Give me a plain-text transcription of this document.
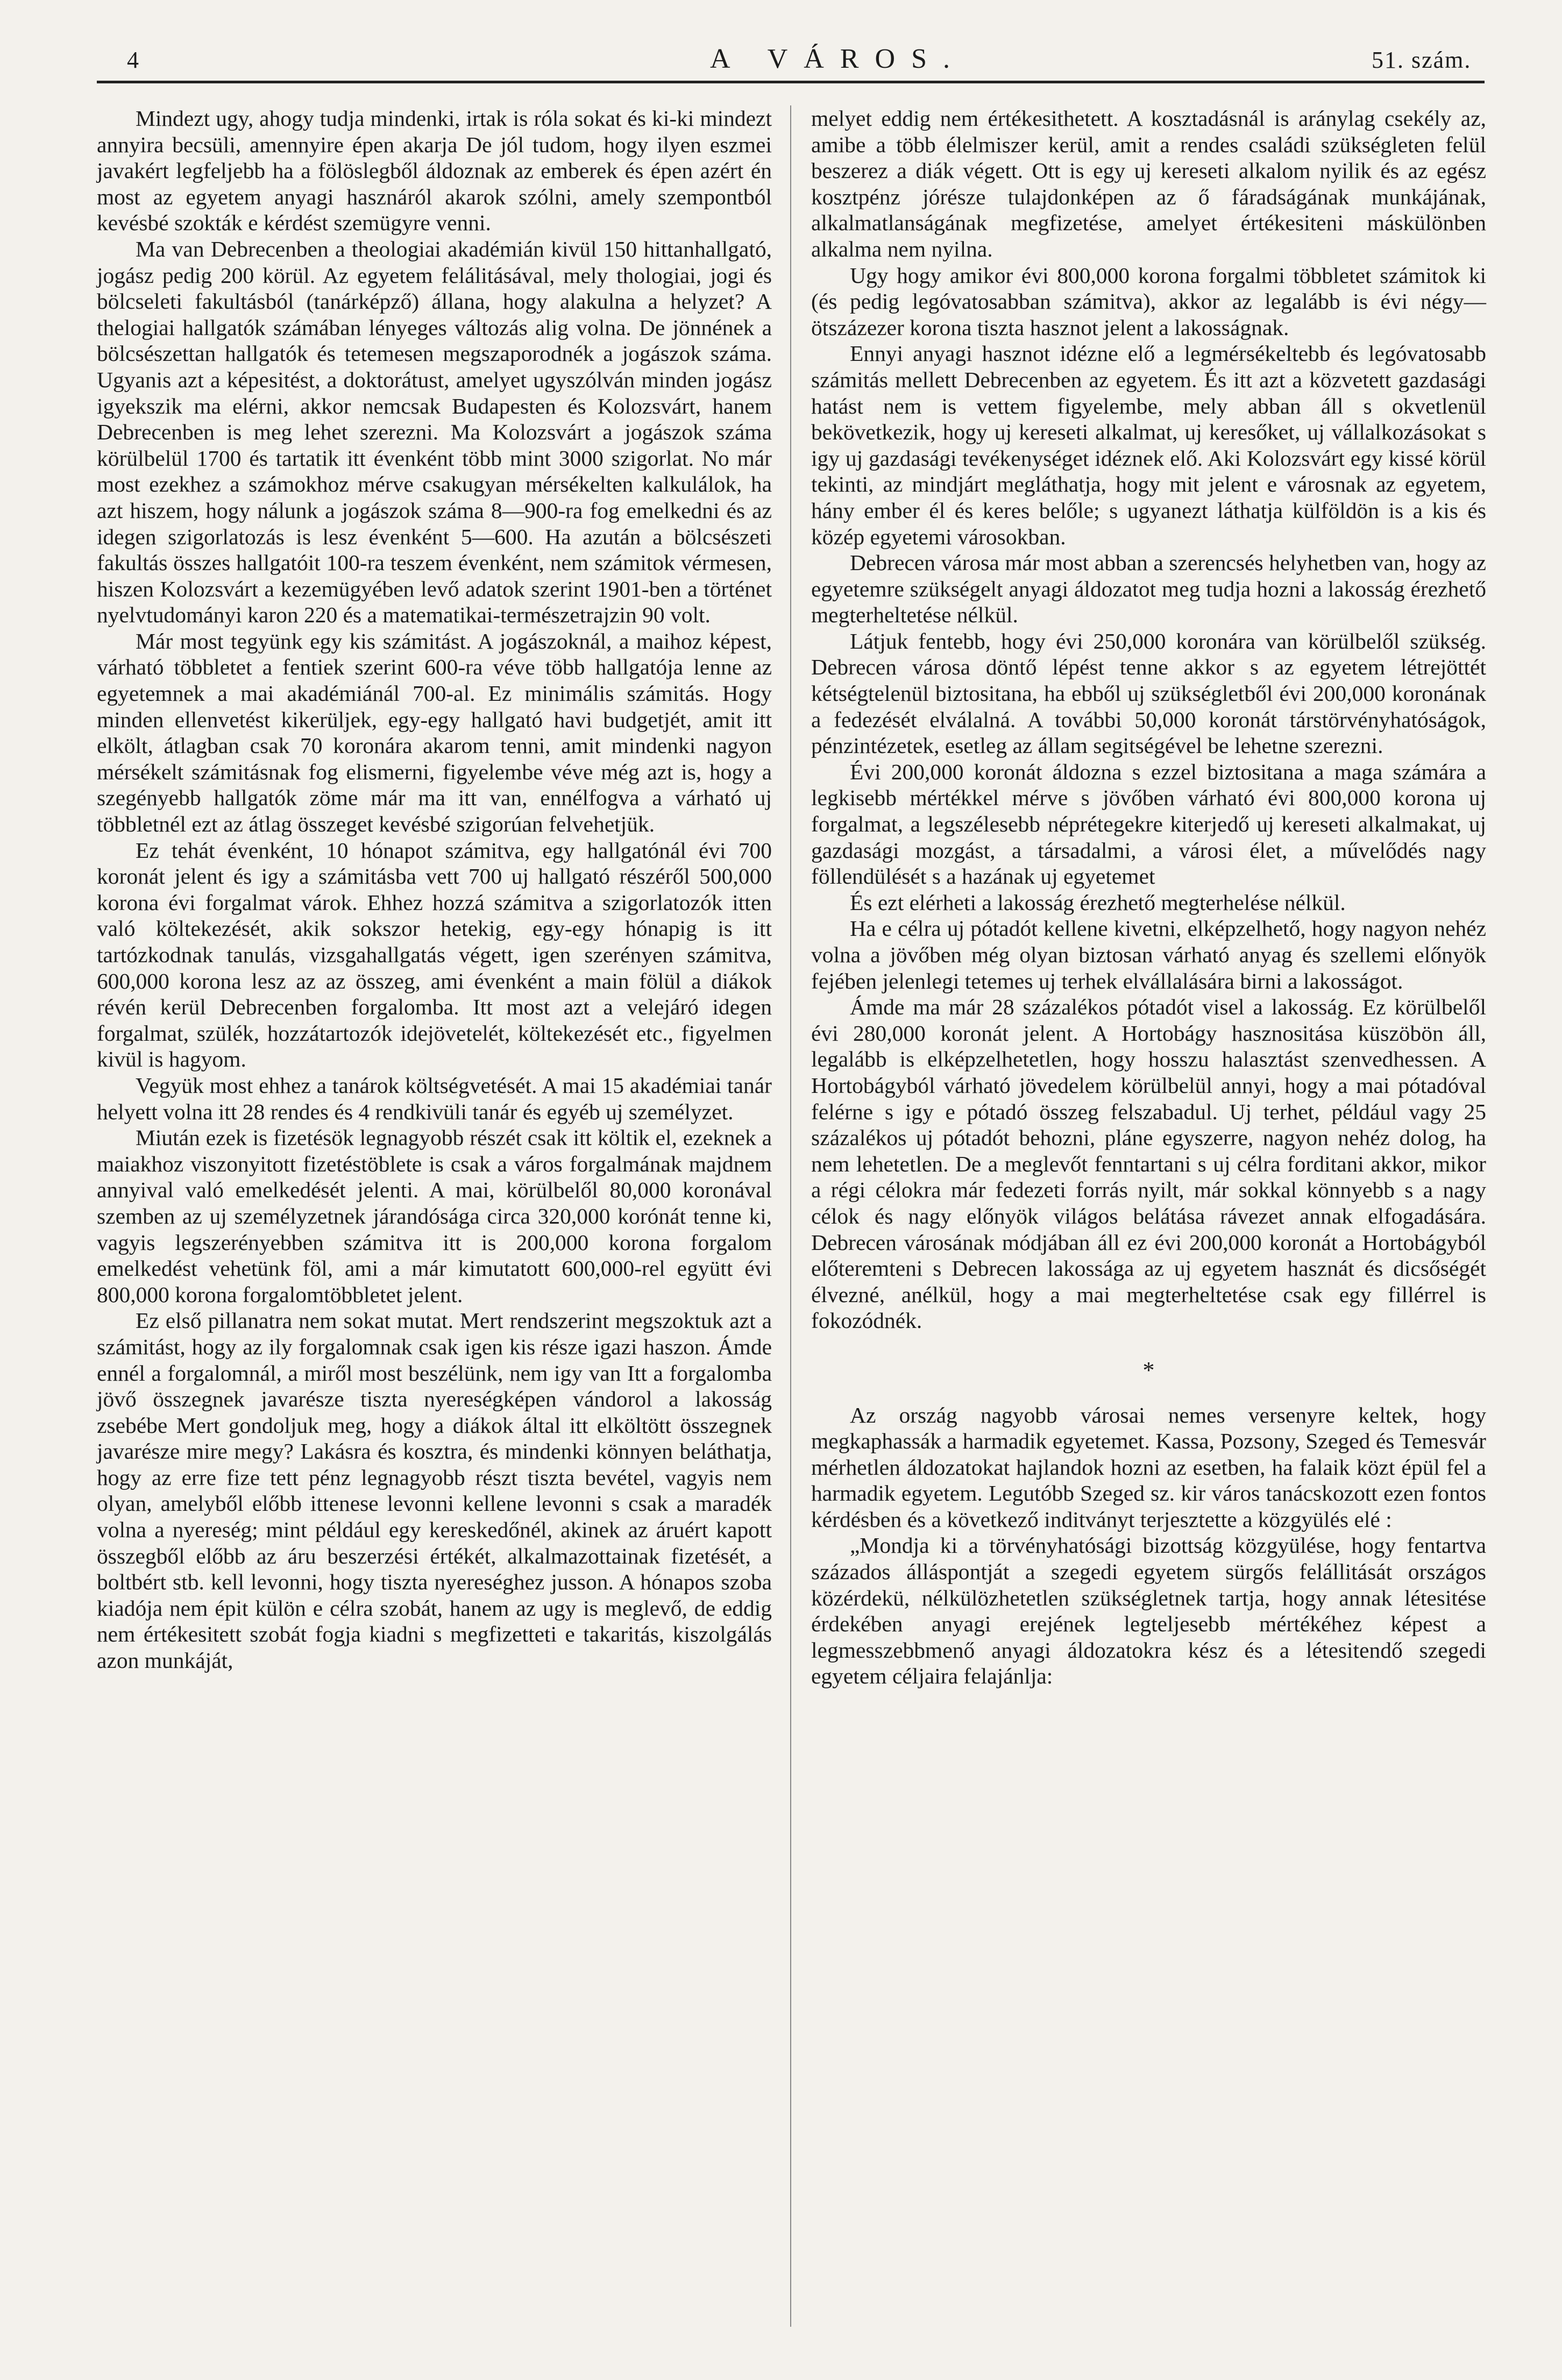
4	A VÁROS.	51. szám.

Mindezt ugy, ahogy tudja mindenki, irtak is róla sokat és ki-ki mindezt annyira becsüli, amennyire épen akarja De jól tudom, hogy ilyen eszmei javakért legfeljebb ha a fölöslegből áldoznak az emberek és épen azért én most az egyetem anyagi hasznáról akarok szólni, amely szempontból kevésbé szokták e kérdést szemügyre venni.

Ma van Debrecenben a theologiai akadémián kivül 150 hittanhallgató, jogász pedig 200 körül. Az egyetem felálitásával, mely thologiai, jogi és bölcseleti fakultásból (tanárképző) állana, hogy alakulna a helyzet? A thelogiai hallgatók számában lényeges változás alig volna. De jönnének a bölcsészettan hallgatók és tetemesen megszaporodnék a jogászok száma. Ugyanis azt a képesitést, a doktorátust, amelyet ugyszólván minden jogász igyekszik ma elérni, akkor nemcsak Budapesten és Kolozsvárt, hanem Debrecenben is meg lehet szerezni. Ma Kolozsvárt a jogászok száma körülbelül 1700 és tartatik itt évenként több mint 3000 szigorlat. No már most ezekhez a számokhoz mérve csakugyan mérsékelten kalkulálok, ha azt hiszem, hogy nálunk a jogászok száma 8—900-ra fog emelkedni és az idegen szigorlatozás is lesz évenként 5—600. Ha azután a bölcsészeti fakultás összes hallgatóit 100-ra teszem évenként, nem számitok vérmesen, hiszen Kolozsvárt a kezemügyében levő adatok szerint 1901-ben a történet nyelvtudományi karon 220 és a matematikai-természetrajzin 90 volt.

Már most tegyünk egy kis számitást. A jogászoknál, a maihoz képest, várható többletet a fentiek szerint 600-ra véve több hallgatója lenne az egyetemnek a mai akadémiánál 700-al. Ez minimális számitás. Hogy minden ellenvetést kikerüljek, egy-egy hallgató havi budgetjét, amit itt elkölt, átlagban csak 70 koronára akarom tenni, amit mindenki nagyon mérsékelt számitásnak fog elismerni, figyelembe véve még azt is, hogy a szegényebb hallgatók zöme már ma itt van, ennélfogva a várható uj többletnél ezt az átlag összeget kevésbé szigorúan felvehetjük.

Ez tehát évenként, 10 hónapot számitva, egy hallgatónál évi 700 koronát jelent és igy a számitásba vett 700 uj hallgató részéről 500,000 korona évi forgalmat várok. Ehhez hozzá számitva a szigorlatozók itten való költekezését, akik sokszor hetekig, egy-egy hónapig is itt tartózkodnak tanulás, vizsgahallgatás végett, igen szerényen számitva, 600,000 korona lesz az az összeg, ami évenként a main fölül a diákok révén kerül Debrecenben forgalomba. Itt most azt a velejáró idegen forgalmat, szülék, hozzátartozók idejövetelét, költekezését etc., figyelmen kivül is hagyom.

Vegyük most ehhez a tanárok költségvetését. A mai 15 akadémiai tanár helyett volna itt 28 rendes és 4 rendkivüli tanár és egyéb uj személyzet.

Miután ezek is fizetésök legnagyobb részét csak itt költik el, ezeknek a maiakhoz viszonyitott fizetéstöblete is csak a város forgalmának majdnem annyival való emelkedését jelenti. A mai, körülbelől 80,000 koronával szemben az uj személyzetnek járandósága circa 320,000 korónát tenne ki, vagyis legszerényebben számitva itt is 200,000 korona forgalom emelkedést vehetünk föl, ami a már kimutatott 600,000-rel együtt évi 800,000 korona forgalomtöbbletet jelent.

Ez első pillanatra nem sokat mutat. Mert rendszerint megszoktuk azt a számitást, hogy az ily forgalomnak csak igen kis része igazi haszon. Ámde ennél a forgalomnál, a miről most beszélünk, nem igy van Itt a forgalomba jövő összegnek javarésze tiszta nyereségképen vándorol a lakosság zsebébe Mert gondoljuk meg, hogy a diákok által itt elköltött összegnek javarésze mire megy? Lakásra és kosztra, és mindenki könnyen beláthatja, hogy az erre fize tett pénz legnagyobb részt tiszta bevétel, vagyis nem olyan, amelyből előbb ittenese levonni kellene levonni s csak a maradék volna a nyereség; mint például egy kereskedőnél, akinek az áruért kapott összegből előbb az áru beszerzési értékét, alkalmazottainak fizetését, a boltbért stb. kell levonni, hogy tiszta nyereséghez jusson. A hónapos szoba kiadója nem épit külön e célra szobát, hanem az ugy is meglevő, de eddig nem értékesitett szobát fogja kiadni s megfizetteti e takaritás, kiszolgálás azon munkáját,

melyet eddig nem értékesithetett. A kosztadásnál is aránylag csekély az, amibe a több élelmiszer kerül, amit a rendes családi szükségleten felül beszerez a diák végett. Ott is egy uj kereseti alkalom nyilik és az egész kosztpénz jórésze tulajdonképen az ő fáradságának munkájának, alkalmatlanságának megfizetése, amelyet értékesiteni máskülönben alkalma nem nyilna.

Ugy hogy amikor évi 800,000 korona forgalmi többletet számitok ki (és pedig legóvatosabban számitva), akkor az legalább is évi négy—ötszázezer korona tiszta hasznot jelent a lakosságnak.

Ennyi anyagi hasznot idézne elő a legmérsékeltebb és legóvatosabb számitás mellett Debrecenben az egyetem. És itt azt a közvetett gazdasági hatást nem is vettem figyelembe, mely abban áll s okvetlenül bekövetkezik, hogy uj kereseti alkalmat, uj keresőket, uj vállalkozásokat s igy uj gazdasági tevékenységet idéznek elő. Aki Kolozsvárt egy kissé körül tekinti, az mindjárt megláthatja, hogy mit jelent e városnak az egyetem, hány ember él és keres belőle; s ugyanezt láthatja külföldön is a kis és közép egyetemi városokban.

Debrecen városa már most abban a szerencsés helyhetben van, hogy az egyetemre szükségelt anyagi áldozatot meg tudja hozni a lakosság érezhető megterheltetése nélkül.

Látjuk fentebb, hogy évi 250,000 koronára van körülbelől szükség. Debrecen városa döntő lépést tenne akkor s az egyetem létrejöttét kétségtelenül biztositana, ha ebből uj szükségletből évi 200,000 koronának a fedezését elválalná. A további 50,000 koronát társtörvényhatóságok, pénzintézetek, esetleg az állam segitségével be lehetne szerezni.

Évi 200,000 koronát áldozna s ezzel biztositana a maga számára a legkisebb mértékkel mérve s jövőben várható évi 800,000 korona uj forgalmat, a legszélesebb néprétegekre kiterjedő uj kereseti alkalmakat, uj gazdasági mozgást, a társadalmi, a városi élet, a művelődés nagy föllendülését s a hazának uj egyetemet

És ezt elérheti a lakosság érezhető megterhelése nélkül.

Ha e célra uj pótadót kellene kivetni, elképzelhető, hogy nagyon nehéz volna a jövőben még olyan biztosan várható anyag és szellemi előnyök fejében jelenlegi tetemes uj terhek elvállalására birni a lakosságot.

Ámde ma már 28 százalékos pótadót visel a lakosság. Ez körülbelől évi 280,000 koronát jelent. A Hortobágy hasznositása küszöbön áll, legalább is elképzelhetetlen, hogy hosszu halasztást szenvedhessen. A Hortobágyból várható jövedelem körülbelül annyi, hogy a mai pótadóval felérne s igy e pótadó összeg felszabadul. Uj terhet, például vagy 25 százalékos uj pótadót behozni, pláne egyszerre, nagyon nehéz dolog, ha nem lehetetlen. De a meglevőt fenntartani s uj célra forditani akkor, mikor a régi célokra már fedezeti forrás nyilt, már sokkal könnyebb s a nagy célok és nagy előnyök világos belátása rávezet annak elfogadására. Debrecen városának módjában áll ez évi 200,000 koronát a Hortobágyból előteremteni s Debrecen lakossága az uj egyetem hasznát és dicsőségét élvezné, anélkül, hogy a mai megterheltetése csak egy fillérrel is fokozódnék.

*

Az ország nagyobb városai nemes versenyre keltek, hogy megkaphassák a harmadik egyetemet. Kassa, Pozsony, Szeged és Temesvár mérhetlen áldozatokat hajlandok hozni az esetben, ha falaik közt épül fel a harmadik egyetem. Legutóbb Szeged sz. kir város tanácskozott ezen fontos kérdésben és a következő inditványt terjesztette a közgyülés elé :

„Mondja ki a törvényhatósági bizottság közgyülése, hogy fentartva százados álláspontját a szegedi egyetem sürgős felállitását országos közérdekü, nélkülözhetetlen szükségletnek tartja, hogy annak létesitése érdekében anyagi erejének legteljesebb mértékéhez képest a legmesszebbmenő anyagi áldozatokra kész és a létesitendő szegedi egyetem céljaira felajánlja:
